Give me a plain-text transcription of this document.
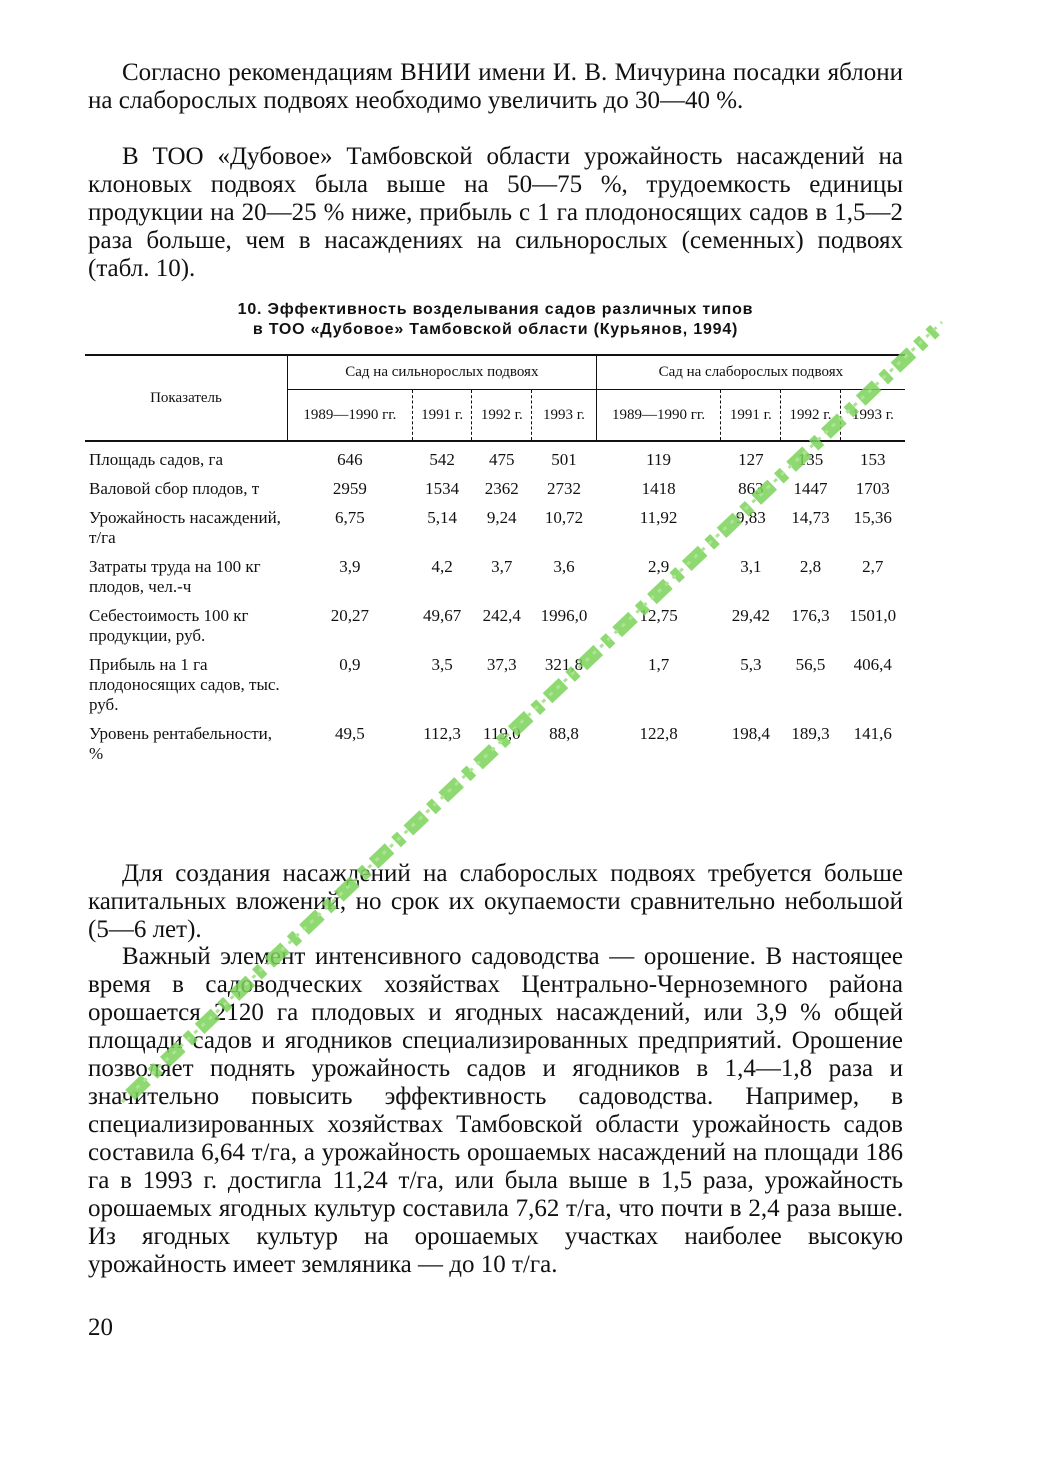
Согласно рекомендациям ВНИИ имени И. В. Мичурина посадки яблони на слаборослых подвоях необходимо увеличить до 30—40 %.

В ТОО «Дубовое» Тамбовской области урожайность насаждений на клоновых подвоях была выше на 50—75 %, трудоемкость единицы продукции на 20—25 % ниже, прибыль с 1 га плодоносящих садов в 1,5—2 раза больше, чем в насаждениях на сильнорослых (семенных) подвоях (табл. 10).

10. Эффективность возделывания садов различных типов
в ТОО «Дубовое» Тамбовской области (Курьянов, 1994)
Показатель	Сад на сильнорослых подвоях				Сад на слаборослых подвоях			
	1989—1990 гг.	1991 г.	1992 г.	1993 г.	1989—1990 гг.	1991 г.	1992 г.	1993 г.
Площадь садов, га	646	542	475	501	119	127	135	153
Валовой сбор плодов, т	2959	1534	2362	2732	1418	863	1447	1703
Урожайность насаждений, т/га	6,75	5,14	9,24	10,72	11,92	9,83	14,73	15,36
Затраты труда на 100 кг плодов, чел.-ч	3,9	4,2	3,7	3,6	2,9	3,1	2,8	2,7
Себестоимость 100 кг продукции, руб.	20,27	49,67	242,4	1996,0	12,75	29,42	176,3	1501,0
Прибыль на 1 га плодоносящих садов, тыс. руб.	0,9	3,5	37,3	321,8	1,7	5,3	56,5	406,4
Уровень рентабельности, %	49,5	112,3	119,0	88,8	122,8	198,4	189,3	141,6

Для создания насаждений на слаборослых подвоях требуется больше капитальных вложений, но срок их окупаемости сравнительно небольшой (5—6 лет).

Важный элемент интенсивного садоводства — орошение. В настоящее время в садоводческих хозяйствах Центрально-Черноземного района орошается 2120 га плодовых и ягодных насаждений, или 3,9 % общей площади садов и ягодников специализированных предприятий. Орошение позволяет поднять урожайность садов и ягодников в 1,4—1,8 раза и значительно повысить эффективность садоводства. Например, в специализированных хозяйствах Тамбовской области урожайность садов составила 6,64 т/га, а урожайность орошаемых насаждений на площади 186 га в 1993 г. достигла 11,24 т/га, или была выше в 1,5 раза, урожайность орошаемых ягодных культур составила 7,62 т/га, что почти в 2,4 раза выше. Из ягодных культур на орошаемых участках наиболее высокую урожайность имеет земляника — до 10 т/га.

20
